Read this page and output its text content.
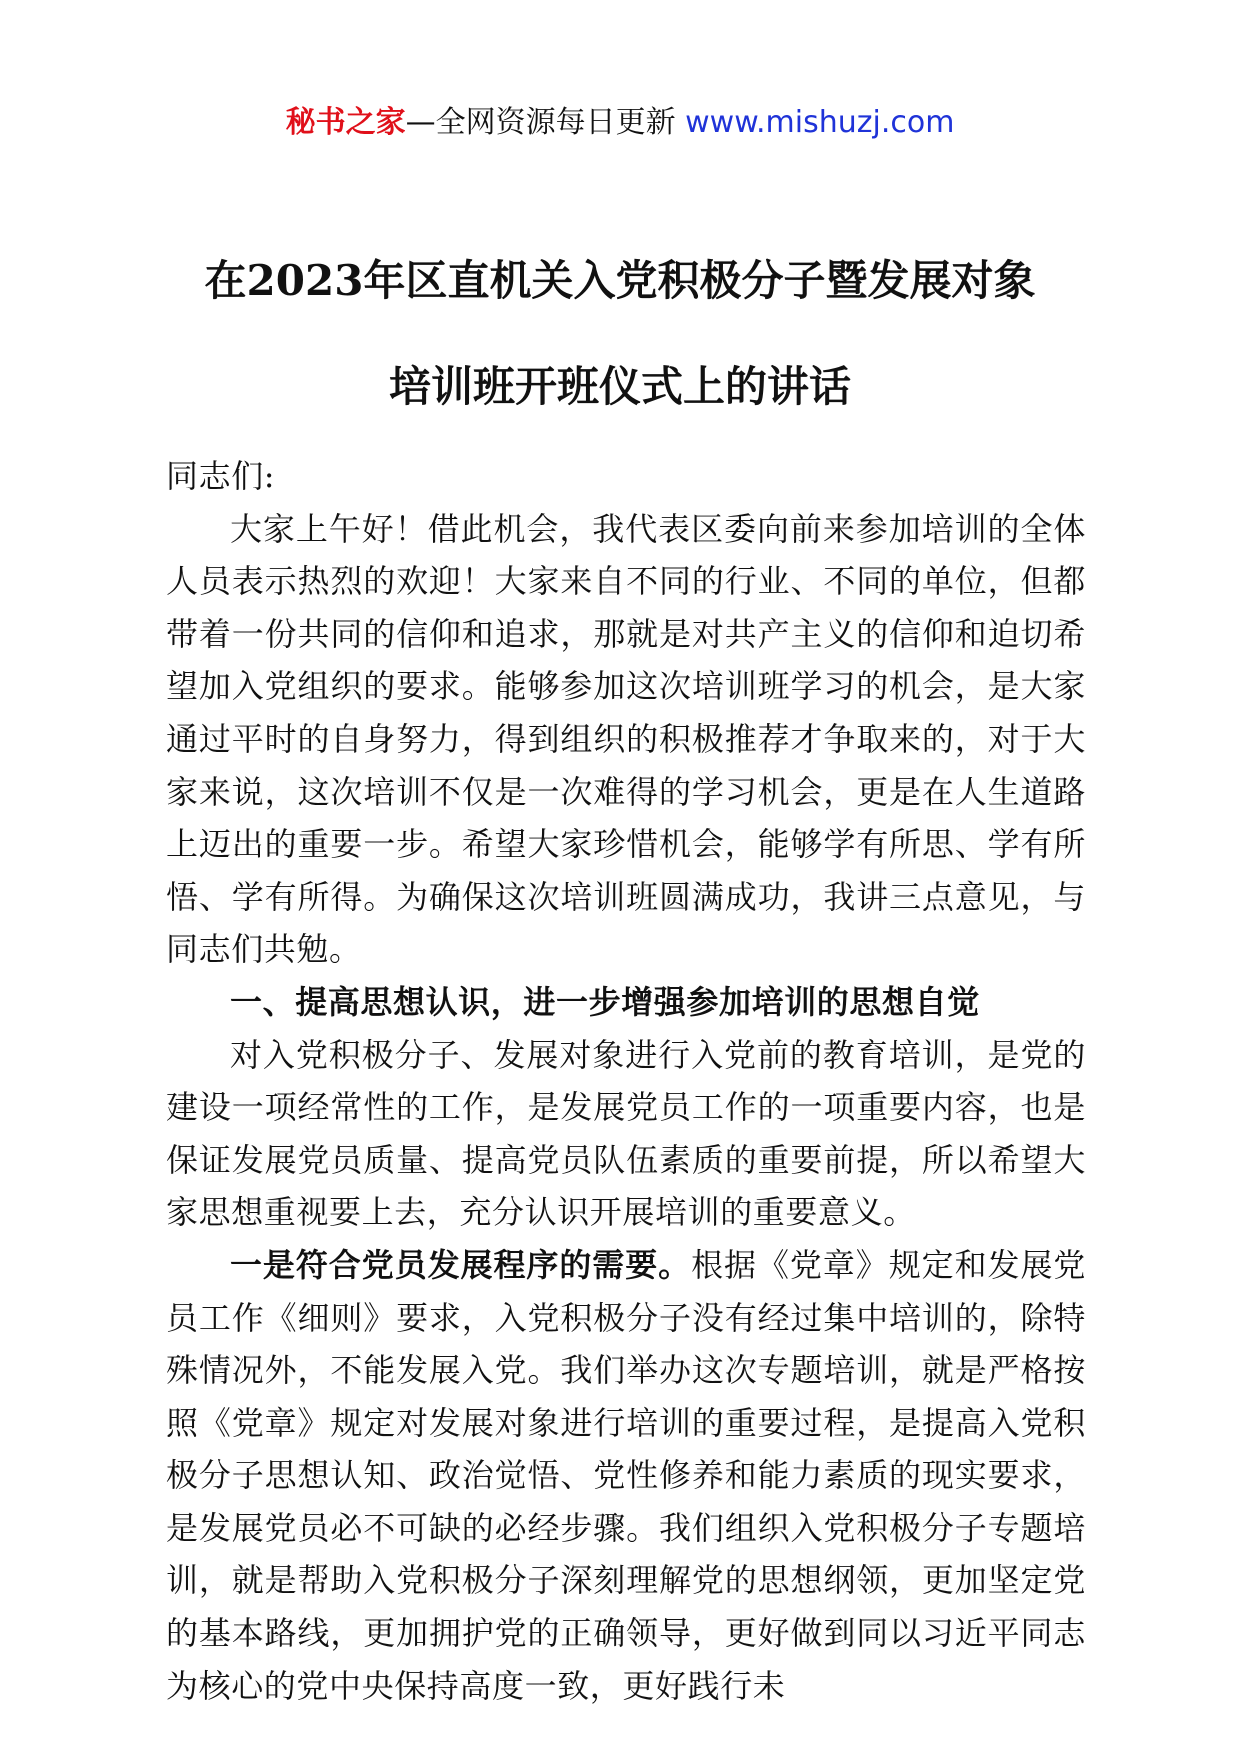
秘书之家—全网资源每日更新 www.mishuzj.com
在2023年区直机关入党积极分子暨发展对象
培训班开班仪式上的讲话

同志们:

大家上午好！借此机会，我代表区委向前来参加培训的全体人员表示热烈的欢迎！大家来自不同的行业、不同的单位，但都带着一份共同的信仰和追求，那就是对共产主义的信仰和迫切希望加入党组织的要求。能够参加这次培训班学习的机会，是大家通过平时的自身努力，得到组织的积极推荐才争取来的，对于大家来说，这次培训不仅是一次难得的学习机会，更是在人生道路上迈出的重要一步。希望大家珍惜机会，能够学有所思、学有所悟、学有所得。为确保这次培训班圆满成功，我讲三点意见，与同志们共勉。

一、提高思想认识，进一步增强参加培训的思想自觉

对入党积极分子、发展对象进行入党前的教育培训，是党的建设一项经常性的工作，是发展党员工作的一项重要内容，也是保证发展党员质量、提高党员队伍素质的重要前提，所以希望大家思想重视要上去，充分认识开展培训的重要意义。

一是符合党员发展程序的需要。根据《党章》规定和发展党员工作《细则》要求，入党积极分子没有经过集中培训的，除特殊情况外，不能发展入党。我们举办这次专题培训，就是严格按照《党章》规定对发展对象进行培训的重要过程，是提高入党积极分子思想认知、政治觉悟、党性修养和能力素质的现实要求，是发展党员必不可缺的必经步骤。我们组织入党积极分子专题培训，就是帮助入党积极分子深刻理解党的思想纲领，更加坚定党的基本路线，更加拥护党的正确领导，更好做到同以习近平同志为核心的党中央保持高度一致，更好践行未
